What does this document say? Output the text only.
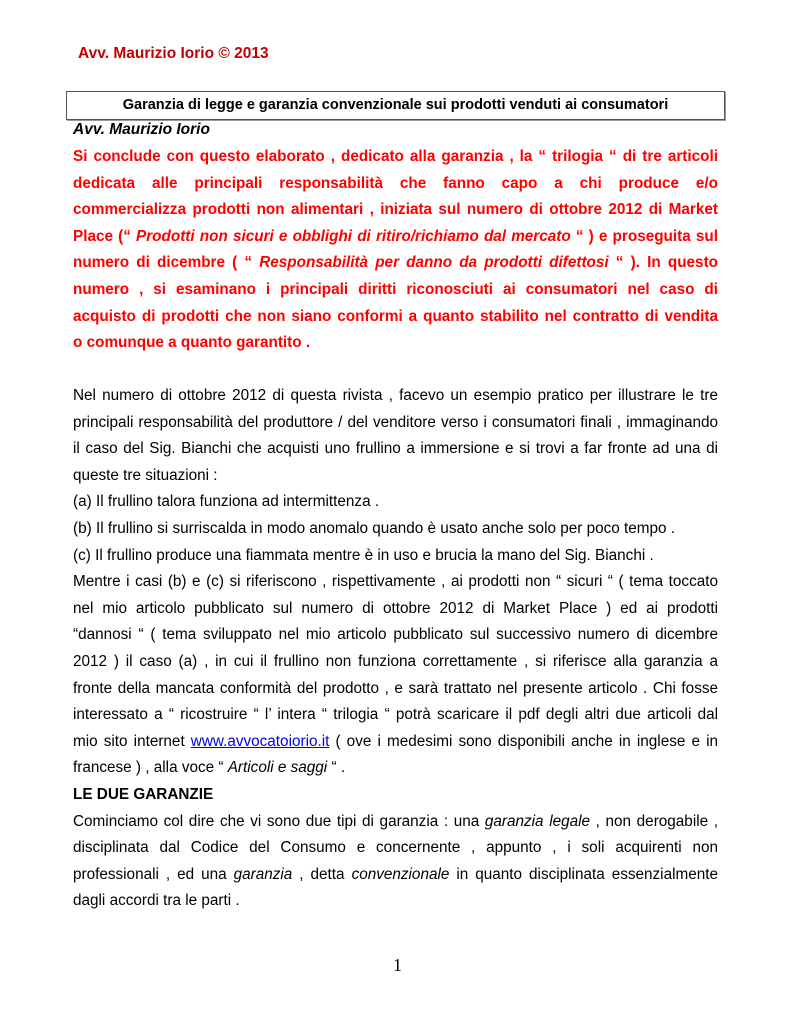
Avv. Maurizio Iorio © 2013
Garanzia di legge e garanzia convenzionale sui prodotti venduti ai consumatori
Avv. Maurizio Iorio
Si conclude con questo elaborato , dedicato alla garanzia , la “ trilogia “ di tre articoli
dedicata alle principali responsabilità che fanno capo a chi produce e/o
commercializza prodotti non alimentari , iniziata sul numero di ottobre 2012 di Market
Place (“ Prodotti non sicuri e obblighi di ritiro/richiamo dal mercato “ ) e proseguita sul
numero di dicembre ( “ Responsabilità per danno da prodotti difettosi “ ). In questo
numero , si esaminano i principali diritti riconosciuti ai consumatori nel caso di
acquisto di prodotti che non siano conformi a quanto stabilito nel contratto di vendita
o comunque a quanto garantito .
Nel numero di ottobre 2012 di questa rivista , facevo un esempio pratico per illustrare le tre
principali responsabilità del produttore / del venditore verso i consumatori finali , immaginando
il caso del Sig. Bianchi che acquisti uno frullino a immersione e si trovi a far fronte ad una di
queste tre situazioni :
(a) Il frullino talora funziona ad intermittenza .
(b) Il frullino si surriscalda in modo anomalo quando è usato anche solo per poco tempo .
(c) Il frullino produce una fiammata mentre è in uso e brucia la mano del Sig. Bianchi .
Mentre i casi (b) e (c) si riferiscono , rispettivamente , ai prodotti non “ sicuri “ ( tema toccato
nel mio articolo pubblicato sul numero di ottobre 2012 di Market Place ) ed ai prodotti
“dannosi “ ( tema sviluppato nel mio articolo pubblicato sul successivo numero di dicembre
2012 ) il caso (a) , in cui il frullino non funziona correttamente , si riferisce alla garanzia a
fronte della mancata conformità del prodotto , e sarà trattato nel presente articolo . Chi fosse
interessato a “ ricostruire “ l’ intera “ trilogia “ potrà scaricare il pdf degli altri due articoli dal
mio sito internet www.avvocatoiorio.it ( ove i medesimi sono disponibili anche in inglese e in
francese ) , alla voce “ Articoli e saggi “ .
LE DUE GARANZIE
Cominciamo col dire che vi sono due tipi di garanzia : una garanzia legale , non derogabile ,
disciplinata dal Codice del Consumo e concernente , appunto , i soli acquirenti non
professionali , ed una garanzia , detta convenzionale in quanto disciplinata essenzialmente
dagli accordi tra le parti .
1
